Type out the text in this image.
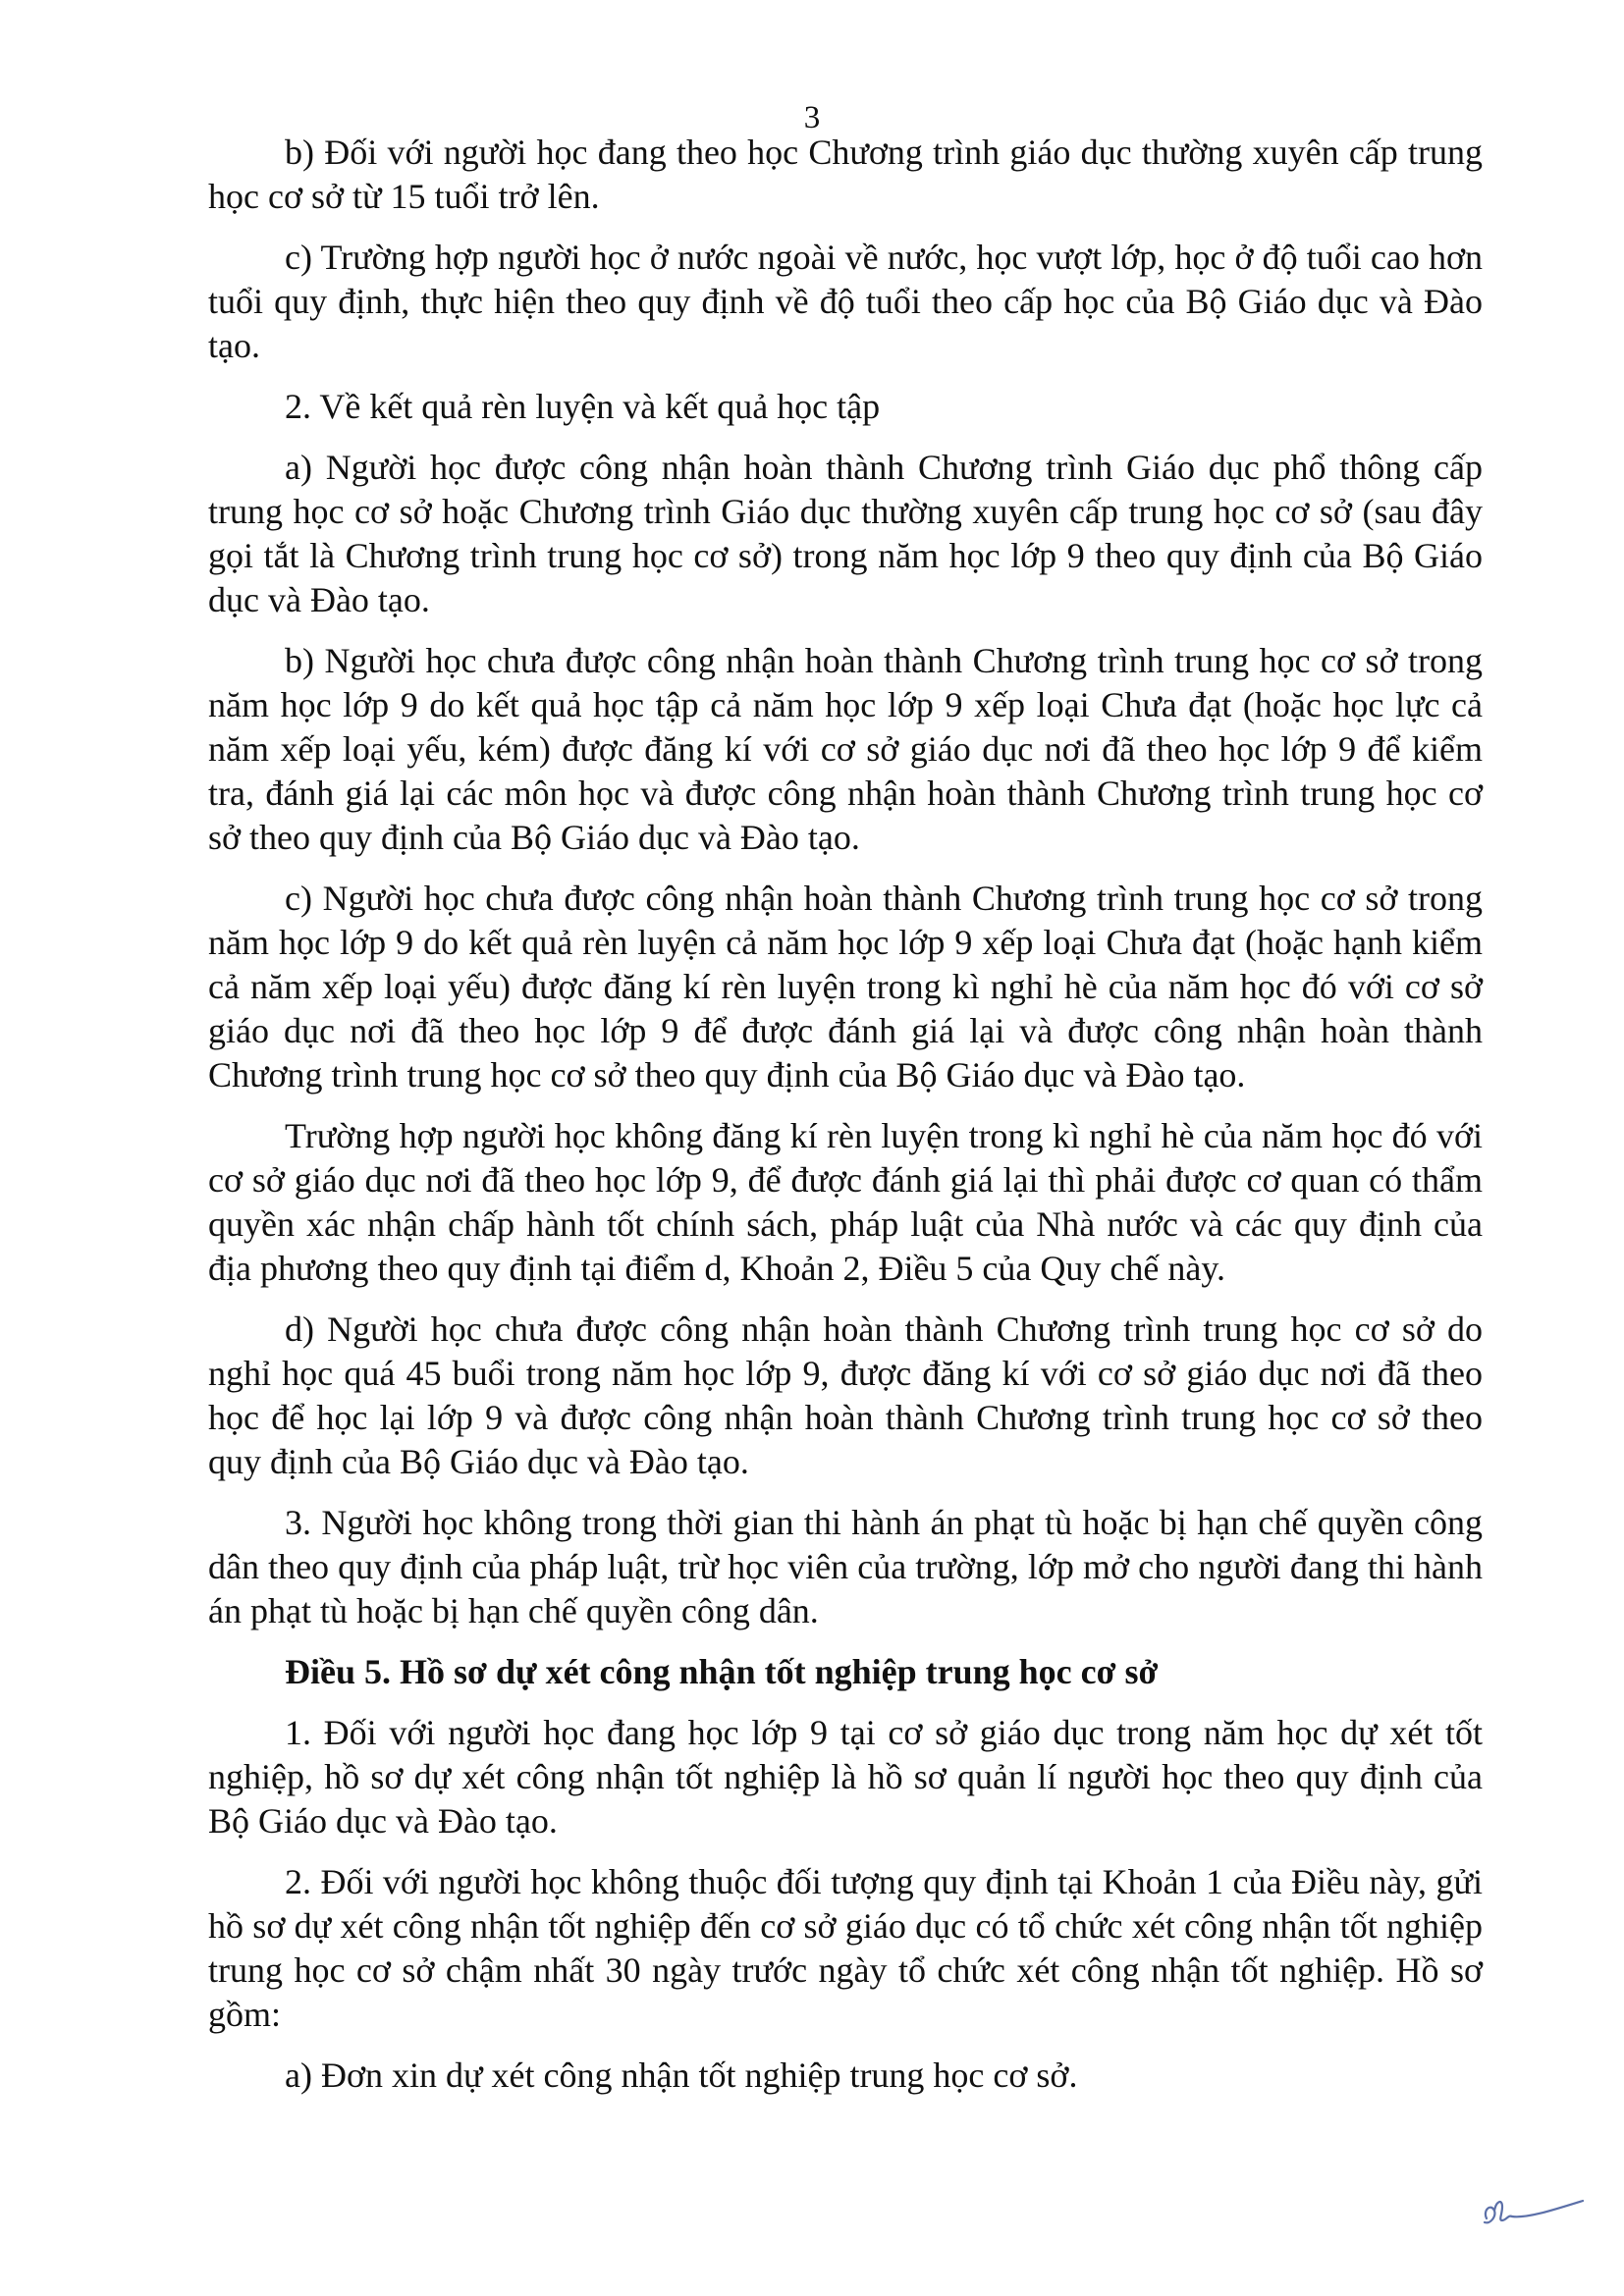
3

b) Đối với người học đang theo học Chương trình giáo dục thường xuyên cấp trung học cơ sở từ 15 tuổi trở lên.

c) Trường hợp người học ở nước ngoài về nước, học vượt lớp, học ở độ tuổi cao hơn tuổi quy định, thực hiện theo quy định về độ tuổi theo cấp học của Bộ Giáo dục và Đào tạo.

2. Về kết quả rèn luyện và kết quả học tập

a) Người học được công nhận hoàn thành Chương trình Giáo dục phổ thông cấp trung học cơ sở hoặc Chương trình Giáo dục thường xuyên cấp trung học cơ sở (sau đây gọi tắt là Chương trình trung học cơ sở) trong năm học lớp 9 theo quy định của Bộ Giáo dục và Đào tạo.

b) Người học chưa được công nhận hoàn thành Chương trình trung học cơ sở trong năm học lớp 9 do kết quả học tập cả năm học lớp 9 xếp loại Chưa đạt (hoặc học lực cả năm xếp loại yếu, kém) được đăng kí với cơ sở giáo dục nơi đã theo học lớp 9 để kiểm tra, đánh giá lại các môn học và được công nhận hoàn thành Chương trình trung học cơ sở theo quy định của Bộ Giáo dục và Đào tạo.

c) Người học chưa được công nhận hoàn thành Chương trình trung học cơ sở trong năm học lớp 9 do kết quả rèn luyện cả năm học lớp 9 xếp loại Chưa đạt (hoặc hạnh kiểm cả năm xếp loại yếu) được đăng kí rèn luyện trong kì nghỉ hè của năm học đó với cơ sở giáo dục nơi đã theo học lớp 9 để được đánh giá lại và được công nhận hoàn thành Chương trình trung học cơ sở theo quy định của Bộ Giáo dục và Đào tạo.

Trường hợp người học không đăng kí rèn luyện trong kì nghỉ hè của năm học đó với cơ sở giáo dục nơi đã theo học lớp 9, để được đánh giá lại thì phải được cơ quan có thẩm quyền xác nhận chấp hành tốt chính sách, pháp luật của Nhà nước và các quy định của địa phương theo quy định tại điểm d, Khoản 2, Điều 5 của Quy chế này.

d) Người học chưa được công nhận hoàn thành Chương trình trung học cơ sở do nghỉ học quá 45 buổi trong năm học lớp 9, được đăng kí với cơ sở giáo dục nơi đã theo học để học lại lớp 9 và được công nhận hoàn thành Chương trình trung học cơ sở theo quy định của Bộ Giáo dục và Đào tạo.

3. Người học không trong thời gian thi hành án phạt tù hoặc bị hạn chế quyền công dân theo quy định của pháp luật, trừ học viên của trường, lớp mở cho người đang thi hành án phạt tù hoặc bị hạn chế quyền công dân.

Điều 5. Hồ sơ dự xét công nhận tốt nghiệp trung học cơ sở

1. Đối với người học đang học lớp 9 tại cơ sở giáo dục trong năm học dự xét tốt nghiệp, hồ sơ dự xét công nhận tốt nghiệp là hồ sơ quản lí người học theo quy định của Bộ Giáo dục và Đào tạo.

2. Đối với người học không thuộc đối tượng quy định tại Khoản 1 của Điều này, gửi hồ sơ dự xét công nhận tốt nghiệp đến cơ sở giáo dục có tổ chức xét công nhận tốt nghiệp trung học cơ sở chậm nhất 30 ngày trước ngày tổ chức xét công nhận tốt nghiệp. Hồ sơ gồm:

a) Đơn xin dự xét công nhận tốt nghiệp trung học cơ sở.
